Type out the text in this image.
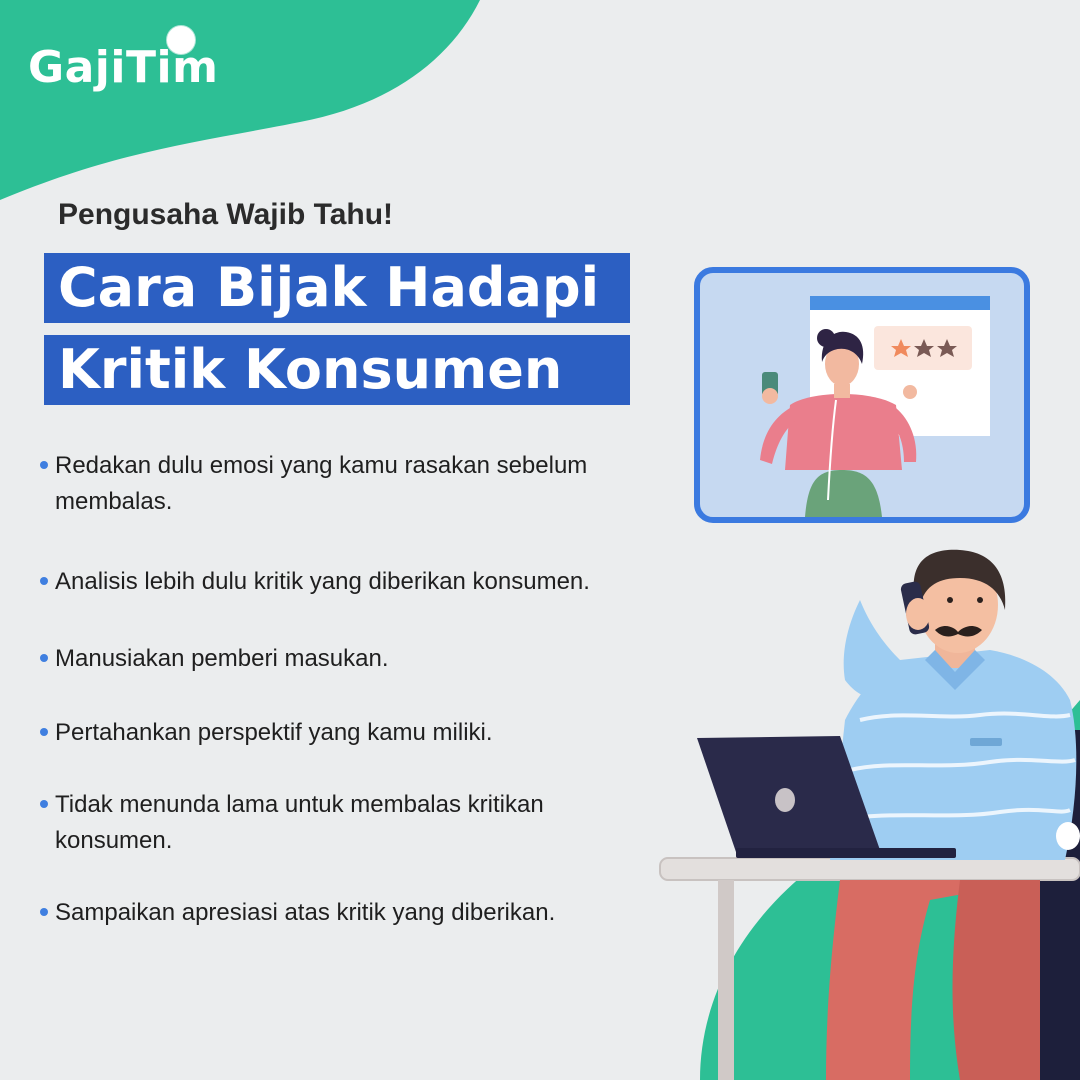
GajiTim
Pengusaha Wajib Tahu!
Cara Bijak Hadapi
Kritik Konsumen
Redakan dulu emosi yang kamu rasakan sebelum membalas.
Analisis lebih dulu kritik yang diberikan konsumen.
Manusiakan pemberi masukan.
Pertahankan perspektif yang kamu miliki.
Tidak menunda lama untuk membalas kritikan konsumen.
Sampaikan apresiasi atas kritik yang diberikan.
